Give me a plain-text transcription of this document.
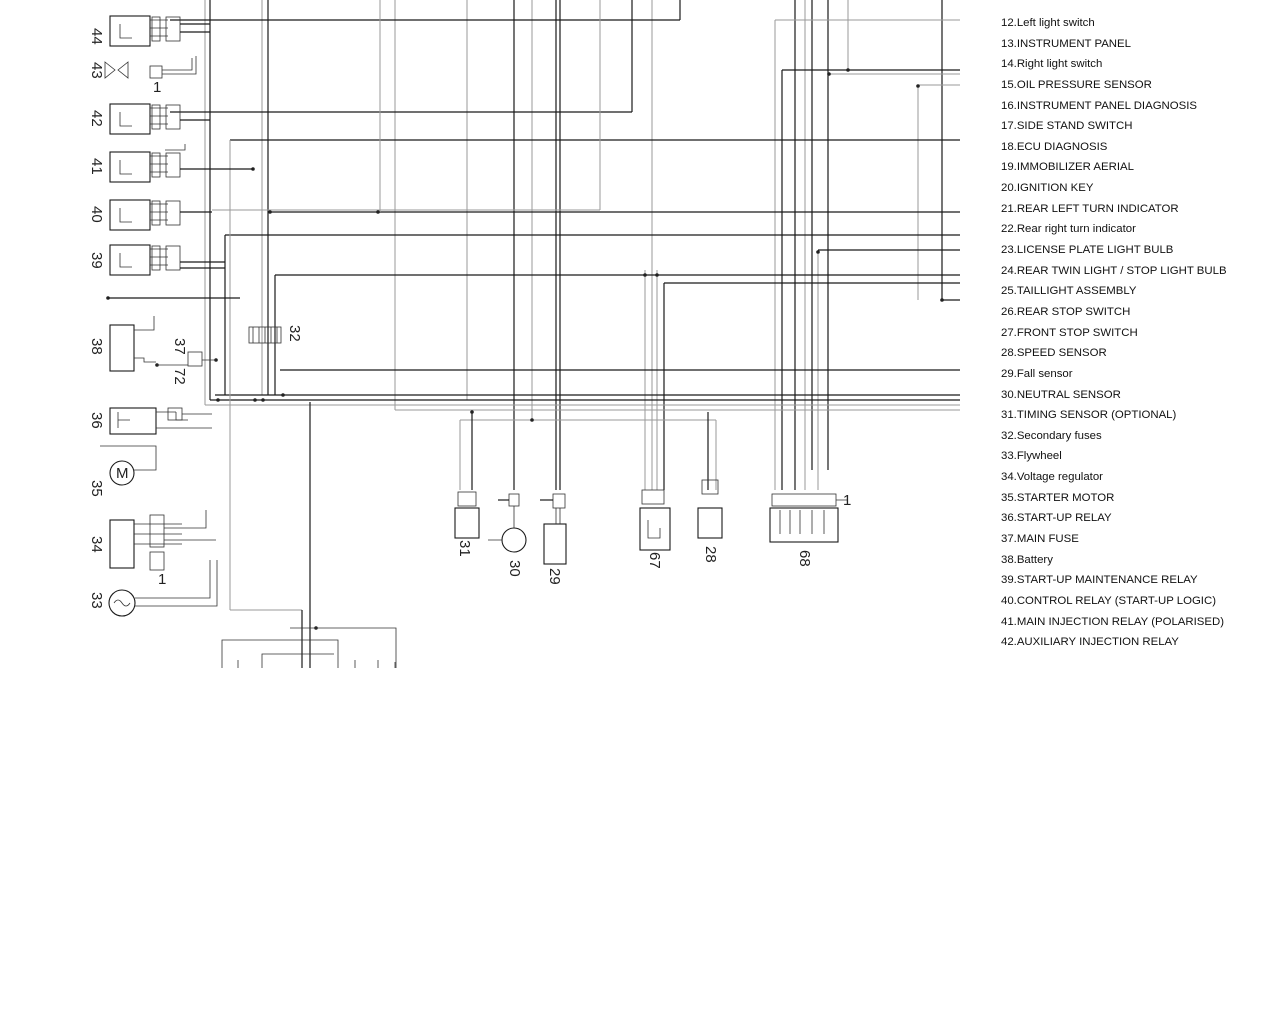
44
43
1
42
41
40
39
38	37
72
32
36
M
35
34
1
33
31
30 29
67	28	68
1
12.Left light switch
13.INSTRUMENT PANEL
14.Right light switch
15.OIL PRESSURE SENSOR
16.INSTRUMENT PANEL DIAGNOSIS
17.SIDE STAND SWITCH
18.ECU DIAGNOSIS
19.IMMOBILIZER AERIAL
20.IGNITION KEY
21.REAR LEFT TURN INDICATOR
22.Rear right turn indicator
23.LICENSE PLATE LIGHT BULB
24.REAR TWIN LIGHT / STOP LIGHT BULB
25.TAILLIGHT ASSEMBLY
26.REAR STOP SWITCH
27.FRONT STOP SWITCH
28.SPEED SENSOR
29.Fall sensor
30.NEUTRAL SENSOR
31.TIMING SENSOR (OPTIONAL)
32.Secondary fuses
33.Flywheel
34.Voltage regulator
35.STARTER MOTOR
36.START-UP RELAY
37.MAIN FUSE
38.Battery
39.START-UP MAINTENANCE RELAY
40.CONTROL RELAY (START-UP LOGIC)
41.MAIN INJECTION RELAY (POLARISED)
42.AUXILIARY INJECTION RELAY
